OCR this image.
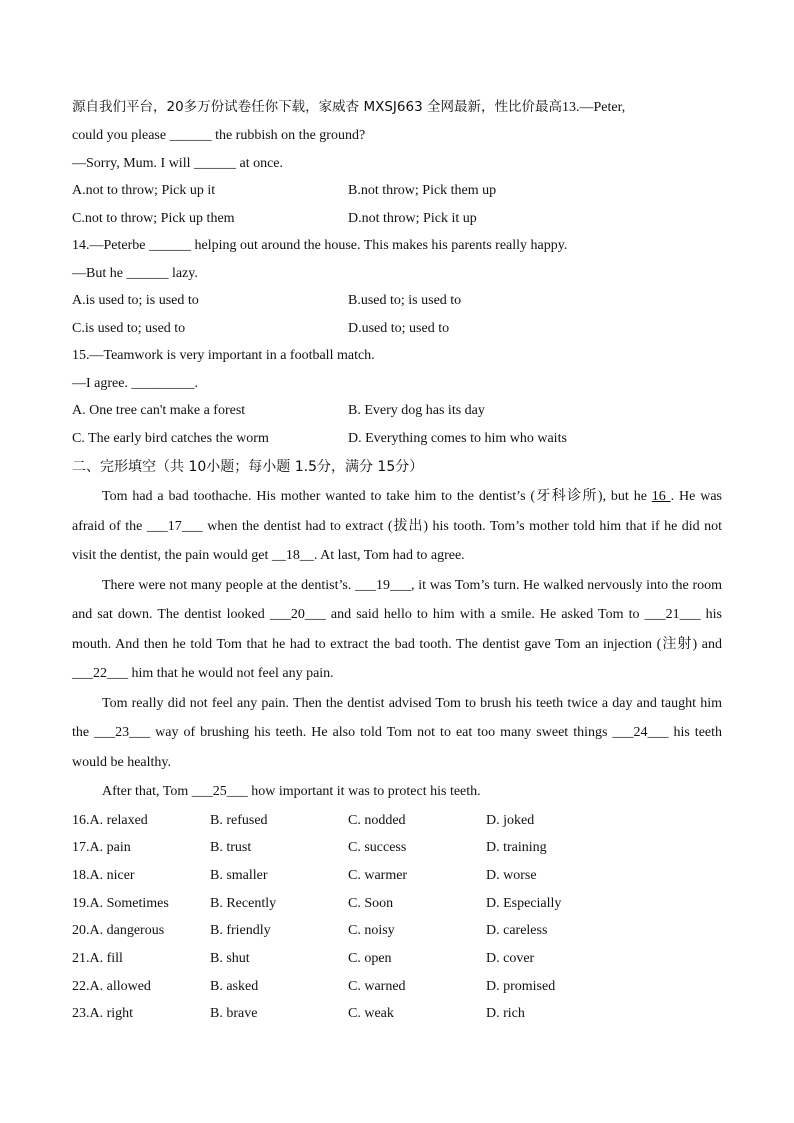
源自我们平台，20多万份试卷任你下载，家威杏 MXSJ663 全网最新，性比价最高13.—Peter,
could you please ______ the rubbish on the ground?
—Sorry, Mum. I will ______ at once.
A.not to throw; Pick up it	B.not throw; Pick them up
C.not to throw; Pick up them	D.not throw; Pick it up
14.—Peterbe ______ helping out around the house. This makes his parents really happy.
—But he ______ lazy.
A.is used to; is used to	B.used to; is used to
C.is used to; used to	D.used to; used to
15.—Teamwork is very important in a football match.
—I agree. _________.
A. One tree can't make a forest	B. Every dog has its day
C. The early bird catches the worm	D. Everything comes to him who waits
二、完形填空（共 10小题；每小题 1.5分，满分 15分）
Tom had a bad toothache. His mother wanted to take him to the dentist’s (牙科诊所), but he 16 . He was afraid of the ___17___ when the dentist had to extract (拔出) his tooth. Tom’s mother told him that if he did not visit the dentist, the pain would get __18__. At last, Tom had to agree.
There were not many people at the dentist’s. ___19___, it was Tom’s turn. He walked nervously into the room and sat down. The dentist looked ___20___ and said hello to him with a smile. He asked Tom to ___21___ his mouth. And then he told Tom that he had to extract the bad tooth. The dentist gave Tom an injection (注射) and ___22___ him that he would not feel any pain.
Tom really did not feel any pain. Then the dentist advised Tom to brush his teeth twice a day and taught him the ___23___ way of brushing his teeth. He also told Tom not to eat too many sweet things ___24___ his teeth would be healthy.
After that, Tom ___25___ how important it was to protect his teeth.
16.A. relaxed	B. refused	C. nodded	D. joked
17.A. pain	B. trust	C. success	D. training
18.A. nicer	B. smaller	C. warmer	D. worse
19.A. Sometimes	B. Recently	C. Soon	D. Especially
20.A. dangerous	B. friendly	C. noisy	D. careless
21.A. fill	B. shut	C. open	D. cover
22.A. allowed	B. asked	C. warned	D. promised
23.A. right	B. brave	C. weak	D. rich
